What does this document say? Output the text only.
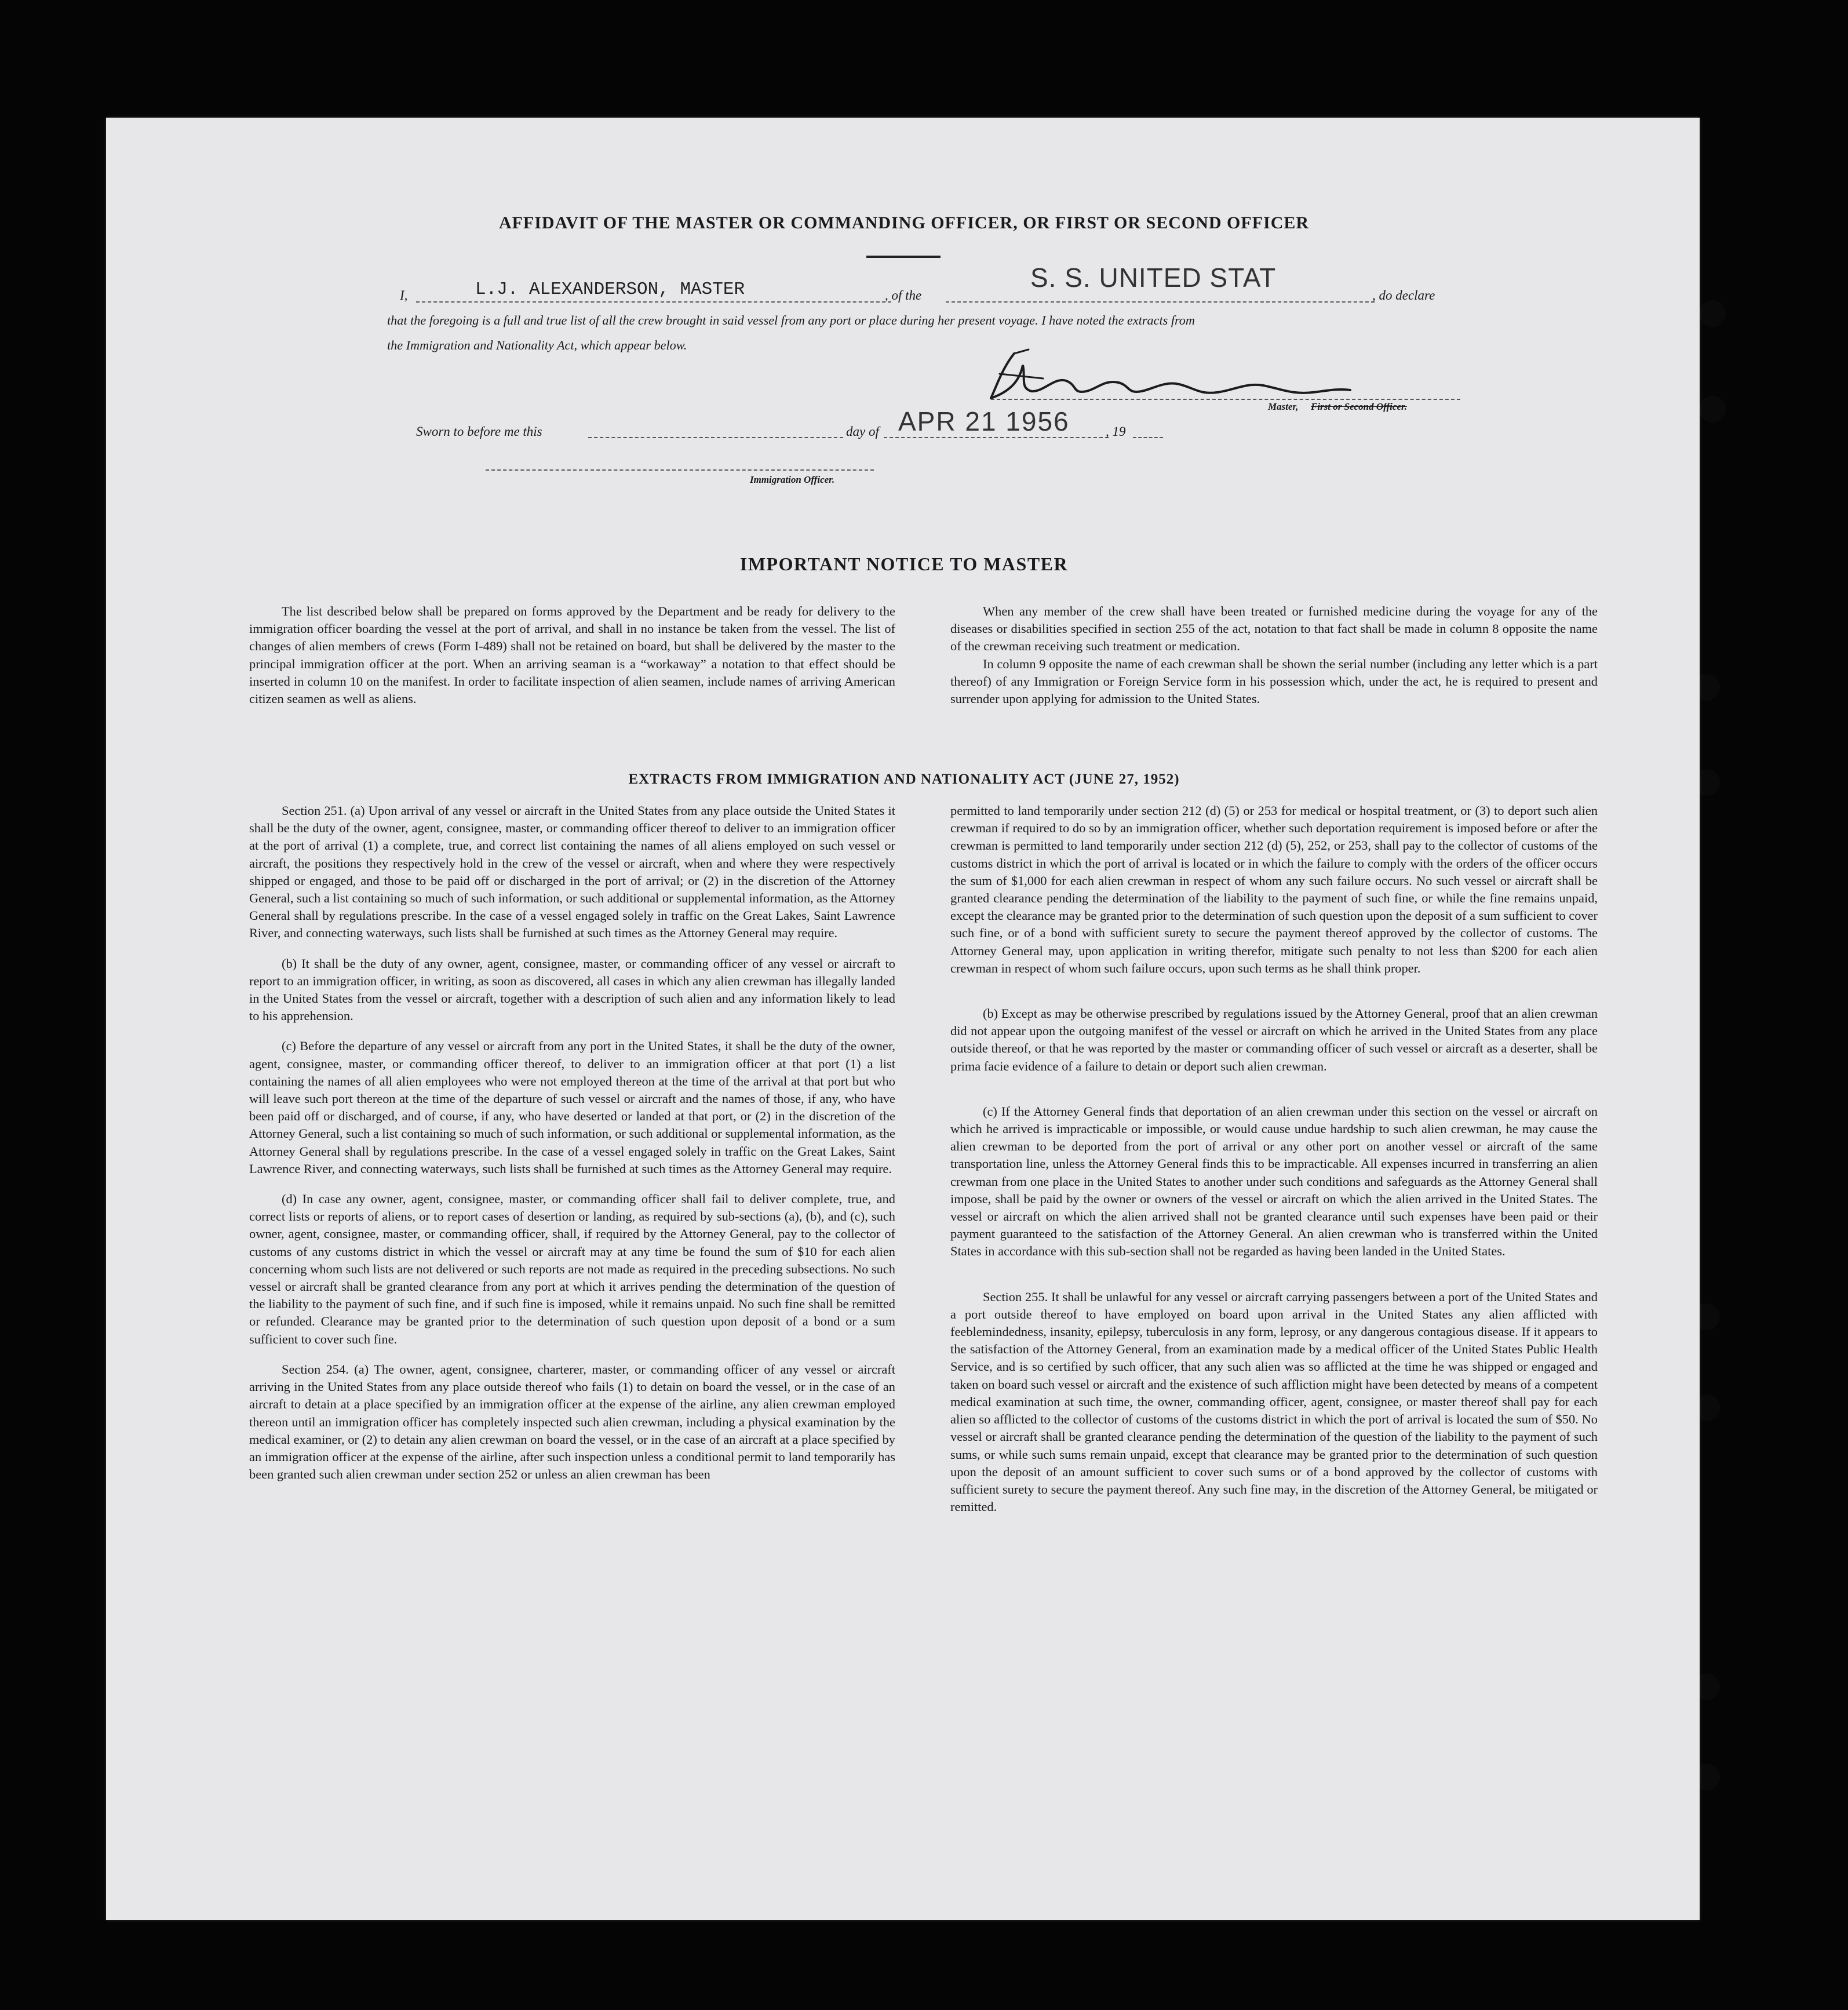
AFFIDAVIT OF THE MASTER OR COMMANDING OFFICER, OR FIRST OR SECOND OFFICER
I,	L.J. ALEXANDERSON, MASTER	, of the
S. S. UNITED STAT
, do declare
that the foregoing is a full and true list of all the crew brought in said vessel from any port or place during her present voyage. I have noted the extracts from
the Immigration and Nationality Act, which appear below.
Master, First or Second Officer.
Sworn to before me this	day of APR 21 1956	, 19
Immigration Officer.
IMPORTANT NOTICE TO MASTER

The list described below shall be prepared on forms approved by the Department and be ready for delivery to the immigration officer boarding the vessel at the port of arrival, and shall in no instance be taken from the vessel. The list of changes of alien members of crews (Form I-489) shall not be retained on board, but shall be delivered by the master to the principal immigration officer at the port. When an arriving seaman is a “workaway” a notation to that effect should be inserted in column 10 on the manifest. In order to facilitate inspection of alien seamen, include names of arriving American citizen seamen as well as aliens.

When any member of the crew shall have been treated or furnished medicine during the voyage for any of the diseases or disabilities specified in section 255 of the act, notation to that fact shall be made in column 8 opposite the name of the crewman receiving such treatment or medication.

In column 9 opposite the name of each crewman shall be shown the serial number (including any letter which is a part thereof) of any Immigration or Foreign Service form in his possession which, under the act, he is required to present and surrender upon applying for admission to the United States.

EXTRACTS FROM IMMIGRATION AND NATIONALITY ACT (JUNE 27, 1952)

Section 251. (a) Upon arrival of any vessel or aircraft in the United States from any place outside the United States it shall be the duty of the owner, agent, consignee, master, or commanding officer thereof to deliver to an immigration officer at the port of arrival (1) a complete, true, and correct list containing the names of all aliens employed on such vessel or aircraft, the positions they respectively hold in the crew of the vessel or aircraft, when and where they were respectively shipped or engaged, and those to be paid off or discharged in the port of arrival; or (2) in the discretion of the Attorney General, such a list containing so much of such information, or such additional or supplemental information, as the Attorney General shall by regulations prescribe. In the case of a vessel engaged solely in traffic on the Great Lakes, Saint Lawrence River, and connecting waterways, such lists shall be furnished at such times as the Attorney General may require.

(b) It shall be the duty of any owner, agent, consignee, master, or commanding officer of any vessel or aircraft to report to an immigration officer, in writing, as soon as discovered, all cases in which any alien crewman has illegally landed in the United States from the vessel or aircraft, together with a description of such alien and any information likely to lead to his apprehension.

(c) Before the departure of any vessel or aircraft from any port in the United States, it shall be the duty of the owner, agent, consignee, master, or commanding officer thereof, to deliver to an immigration officer at that port (1) a list containing the names of all alien employees who were not employed thereon at the time of the arrival at that port but who will leave such port thereon at the time of the departure of such vessel or aircraft and the names of those, if any, who have been paid off or discharged, and of course, if any, who have deserted or landed at that port, or (2) in the discretion of the Attorney General, such a list containing so much of such information, or such additional or supplemental information, as the Attorney General shall by regulations prescribe. In the case of a vessel engaged solely in traffic on the Great Lakes, Saint Lawrence River, and connecting waterways, such lists shall be furnished at such times as the Attorney General may require.

(d) In case any owner, agent, consignee, master, or commanding officer shall fail to deliver complete, true, and correct lists or reports of aliens, or to report cases of desertion or landing, as required by sub-sections (a), (b), and (c), such owner, agent, consignee, master, or commanding officer, shall, if required by the Attorney General, pay to the collector of customs of any customs district in which the vessel or aircraft may at any time be found the sum of $10 for each alien concerning whom such lists are not delivered or such reports are not made as required in the preceding subsections. No such vessel or aircraft shall be granted clearance from any port at which it arrives pending the determination of the question of the liability to the payment of such fine, and if such fine is imposed, while it remains unpaid. No such fine shall be remitted or refunded. Clearance may be granted prior to the determination of such question upon deposit of a bond or a sum sufficient to cover such fine.

Section 254. (a) The owner, agent, consignee, charterer, master, or commanding officer of any vessel or aircraft arriving in the United States from any place outside thereof who fails (1) to detain on board the vessel, or in the case of an aircraft to detain at a place specified by an immigration officer at the expense of the airline, any alien crewman employed thereon until an immigration officer has completely inspected such alien crewman, including a physical examination by the medical examiner, or (2) to detain any alien crewman on board the vessel, or in the case of an aircraft at a place specified by an immigration officer at the expense of the airline, after such inspection unless a conditional permit to land temporarily has been granted such alien crewman under section 252 or unless an alien crewman has been

permitted to land temporarily under section 212 (d) (5) or 253 for medical or hospital treatment, or (3) to deport such alien crewman if required to do so by an immigration officer, whether such deportation requirement is imposed before or after the crewman is permitted to land temporarily under section 212 (d) (5), 252, or 253, shall pay to the collector of customs of the customs district in which the port of arrival is located or in which the failure to comply with the orders of the officer occurs the sum of $1,000 for each alien crewman in respect of whom any such failure occurs. No such vessel or aircraft shall be granted clearance pending the determination of the liability to the payment of such fine, or while the fine remains unpaid, except the clearance may be granted prior to the determination of such question upon the deposit of a sum sufficient to cover such fine, or of a bond with sufficient surety to secure the payment thereof approved by the collector of customs. The Attorney General may, upon application in writing therefor, mitigate such penalty to not less than $200 for each alien crewman in respect of whom such failure occurs, upon such terms as he shall think proper.

(b) Except as may be otherwise prescribed by regulations issued by the Attorney General, proof that an alien crewman did not appear upon the outgoing manifest of the vessel or aircraft on which he arrived in the United States from any place outside thereof, or that he was reported by the master or commanding officer of such vessel or aircraft as a deserter, shall be prima facie evidence of a failure to detain or deport such alien crewman.

(c) If the Attorney General finds that deportation of an alien crewman under this section on the vessel or aircraft on which he arrived is impracticable or impossible, or would cause undue hardship to such alien crewman, he may cause the alien crewman to be deported from the port of arrival or any other port on another vessel or aircraft of the same transportation line, unless the Attorney General finds this to be impracticable. All expenses incurred in transferring an alien crewman from one place in the United States to another under such conditions and safeguards as the Attorney General shall impose, shall be paid by the owner or owners of the vessel or aircraft on which the alien arrived in the United States. The vessel or aircraft on which the alien arrived shall not be granted clearance until such expenses have been paid or their payment guaranteed to the satisfaction of the Attorney General. An alien crewman who is transferred within the United States in accordance with this sub-section shall not be regarded as having been landed in the United States.

Section 255. It shall be unlawful for any vessel or aircraft carrying passengers between a port of the United States and a port outside thereof to have employed on board upon arrival in the United States any alien afflicted with feeblemindedness, insanity, epilepsy, tuberculosis in any form, leprosy, or any dangerous contagious disease. If it appears to the satisfaction of the Attorney General, from an examination made by a medical officer of the United States Public Health Service, and is so certified by such officer, that any such alien was so afflicted at the time he was shipped or engaged and taken on board such vessel or aircraft and the existence of such affliction might have been detected by means of a competent medical examination at such time, the owner, commanding officer, agent, consignee, or master thereof shall pay for each alien so afflicted to the collector of customs of the customs district in which the port of arrival is located the sum of $50. No vessel or aircraft shall be granted clearance pending the determination of the question of the liability to the payment of such sums, or while such sums remain unpaid, except that clearance may be granted prior to the determination of such question upon the deposit of an amount sufficient to cover such sums or of a bond approved by the collector of customs with sufficient surety to secure the payment thereof. Any such fine may, in the discretion of the Attorney General, be mitigated or remitted.
